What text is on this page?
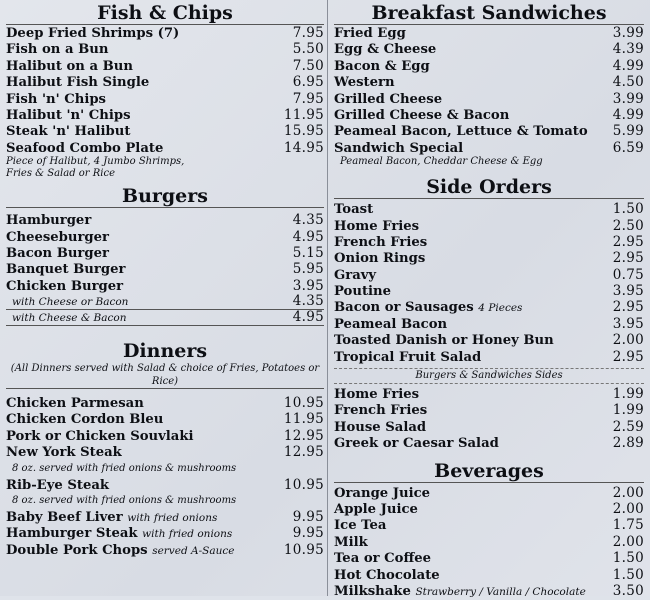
Fish & Chips
Deep Fried Shrimps (7)	7.95
Fish on a Bun	5.50
Halibut on a Bun	7.50
Halibut Fish Single	6.95
Fish 'n' Chips	7.95
Halibut 'n' Chips	11.95
Steak 'n' Halibut	15.95
Seafood Combo Plate	14.95
Piece of Halibut, 4 Jumbo Shrimps,
Fries & Salad or Rice
Burgers
Hamburger	4.35
Cheeseburger	4.95
Bacon Burger	5.15
Banquet Burger	5.95
Chicken Burger	3.95
with Cheese or Bacon	4.35
with Cheese & Bacon	4.95
Dinners
(All Dinners served with Salad & choice of Fries, Potatoes or Rice)
Chicken Parmesan	10.95
Chicken Cordon Bleu	11.95
Pork or Chicken Souvlaki	12.95
New York Steak	12.95
8 oz. served with fried onions & mushrooms
Rib-Eye Steak	10.95
8 oz. served with fried onions & mushrooms
Baby Beef Liver with fried onions	9.95
Hamburger Steak with fried onions	9.95
Double Pork Chops served A-Sauce	10.95
Breakfast Sandwiches
Fried Egg	3.99
Egg & Cheese	4.39
Bacon & Egg	4.99
Western	4.50
Grilled Cheese	3.99
Grilled Cheese & Bacon	4.99
Peameal Bacon, Lettuce & Tomato 5.99
Sandwich Special	6.59
Peameal Bacon, Cheddar Cheese & Egg
Side Orders
Toast	1.50
Home Fries	2.50
French Fries	2.95
Onion Rings	2.95
Gravy	0.75
Poutine	3.95
Bacon or Sausages 4 Pieces	2.95
Peameal Bacon	3.95
Toasted Danish or Honey Bun	2.00
Tropical Fruit Salad	2.95
Burgers & Sandwiches Sides
Home Fries	1.99
French Fries	1.99
House Salad	2.59
Greek or Caesar Salad	2.89
Beverages
Orange Juice	2.00
Apple Juice	2.00
Ice Tea	1.75
Milk	2.00
Tea or Coffee	1.50
Hot Chocolate	1.50
Milkshake Strawberry / Vanilla / Chocolate 3.50
